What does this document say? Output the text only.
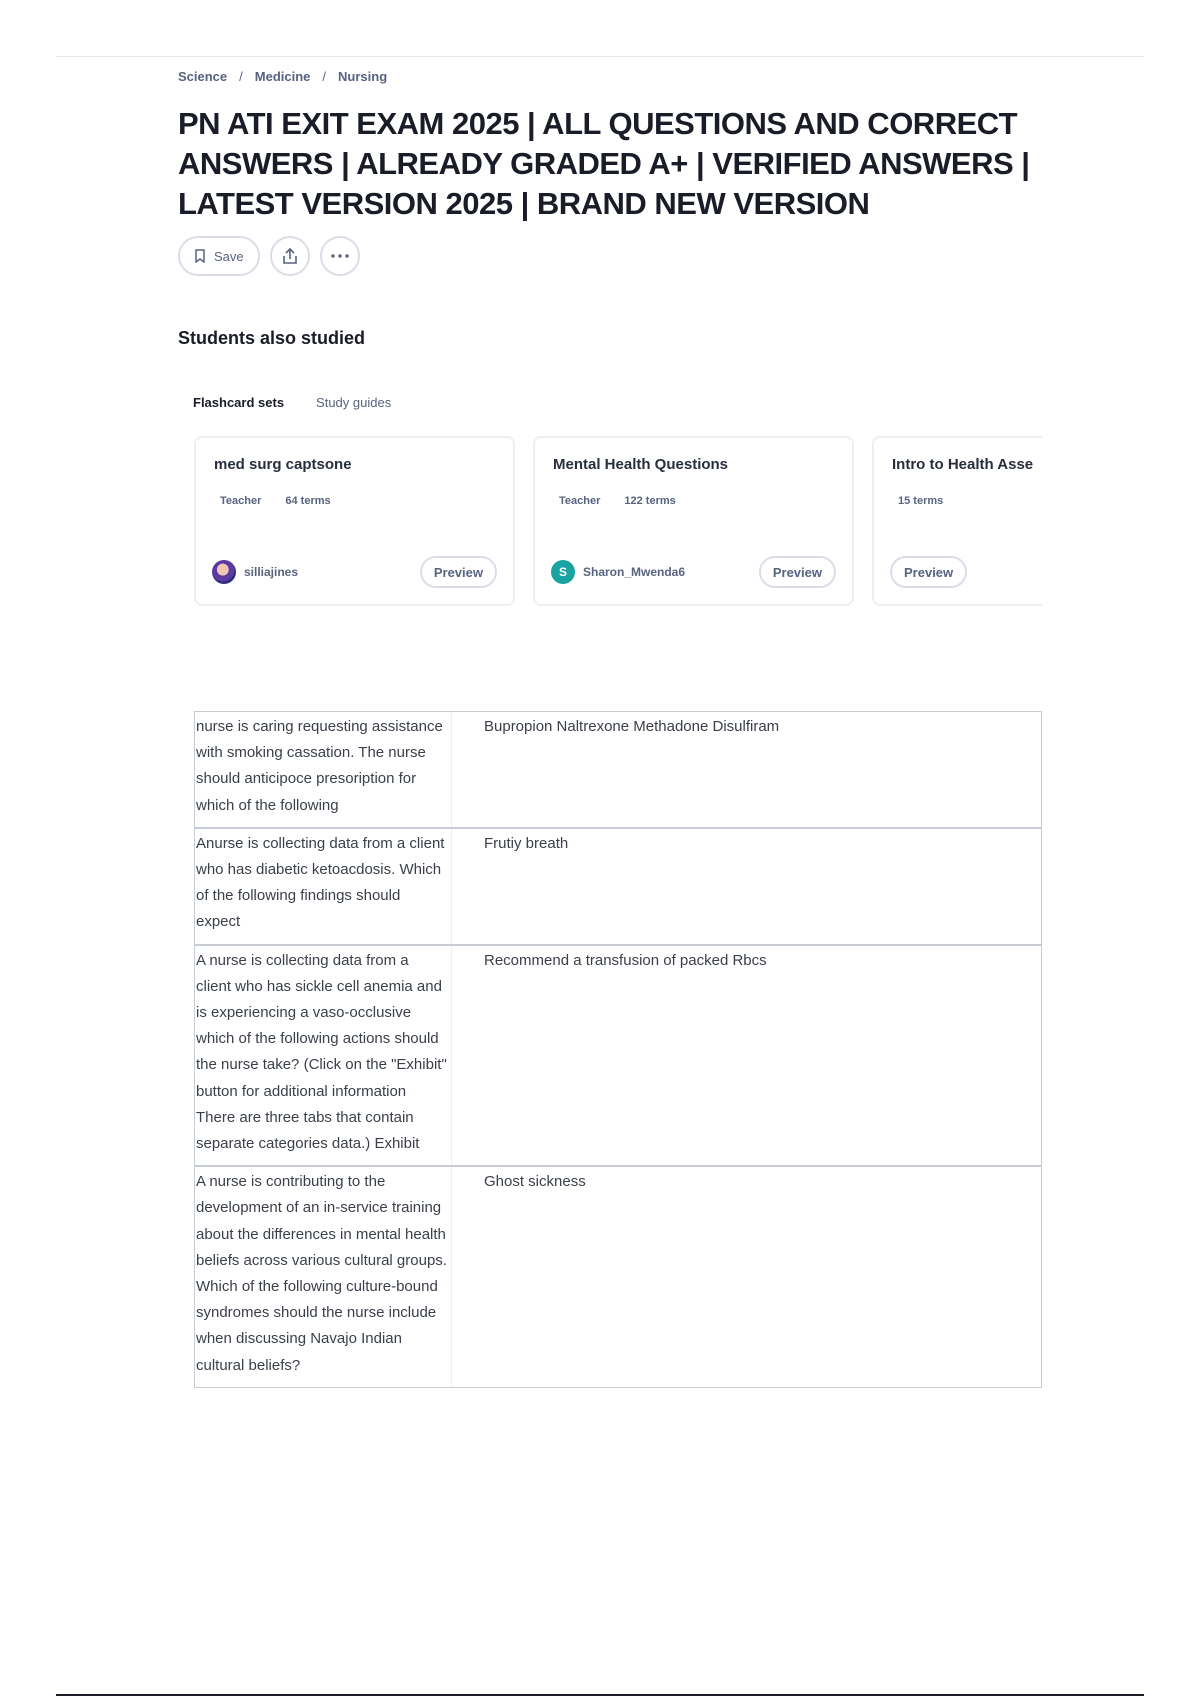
Science / Medicine / Nursing
PN ATI EXIT EXAM 2025 | ALL QUESTIONS AND CORRECT ANSWERS | ALREADY GRADED A+ | VERIFIED ANSWERS | LATEST VERSION 2025 | BRAND NEW VERSION
Save
Students also studied
Flashcard sets Study guides
med surg captsone
Teacher 64 terms
silliajines	Preview
Mental Health Questions
Teacher 122 terms
S	Sharon_Mwenda6	Preview
Intro to Health Asse
15 terms
Preview
nurse is caring requesting assistance with smoking cassation. The nurse should anticipoce presoription for which of the following
Bupropion Naltrexone Methadone Disulfiram
Anurse is collecting data from a client who has diabetic ketoacdosis. Which of the following findings should expect
Frutiy breath
A nurse is collecting data from a client who has sickle cell anemia and is experiencing a vaso-occlusive which of the following actions should the nurse take? (Click on the "Exhibit" button for additional information There are three tabs that contain separate categories data.) Exhibit
Recommend a transfusion of packed Rbcs
A nurse is contributing to the development of an in-service training about the differences in mental health beliefs across various cultural groups. Which of the following culture-bound syndromes should the nurse include when discussing Navajo Indian cultural beliefs?
Ghost sickness
